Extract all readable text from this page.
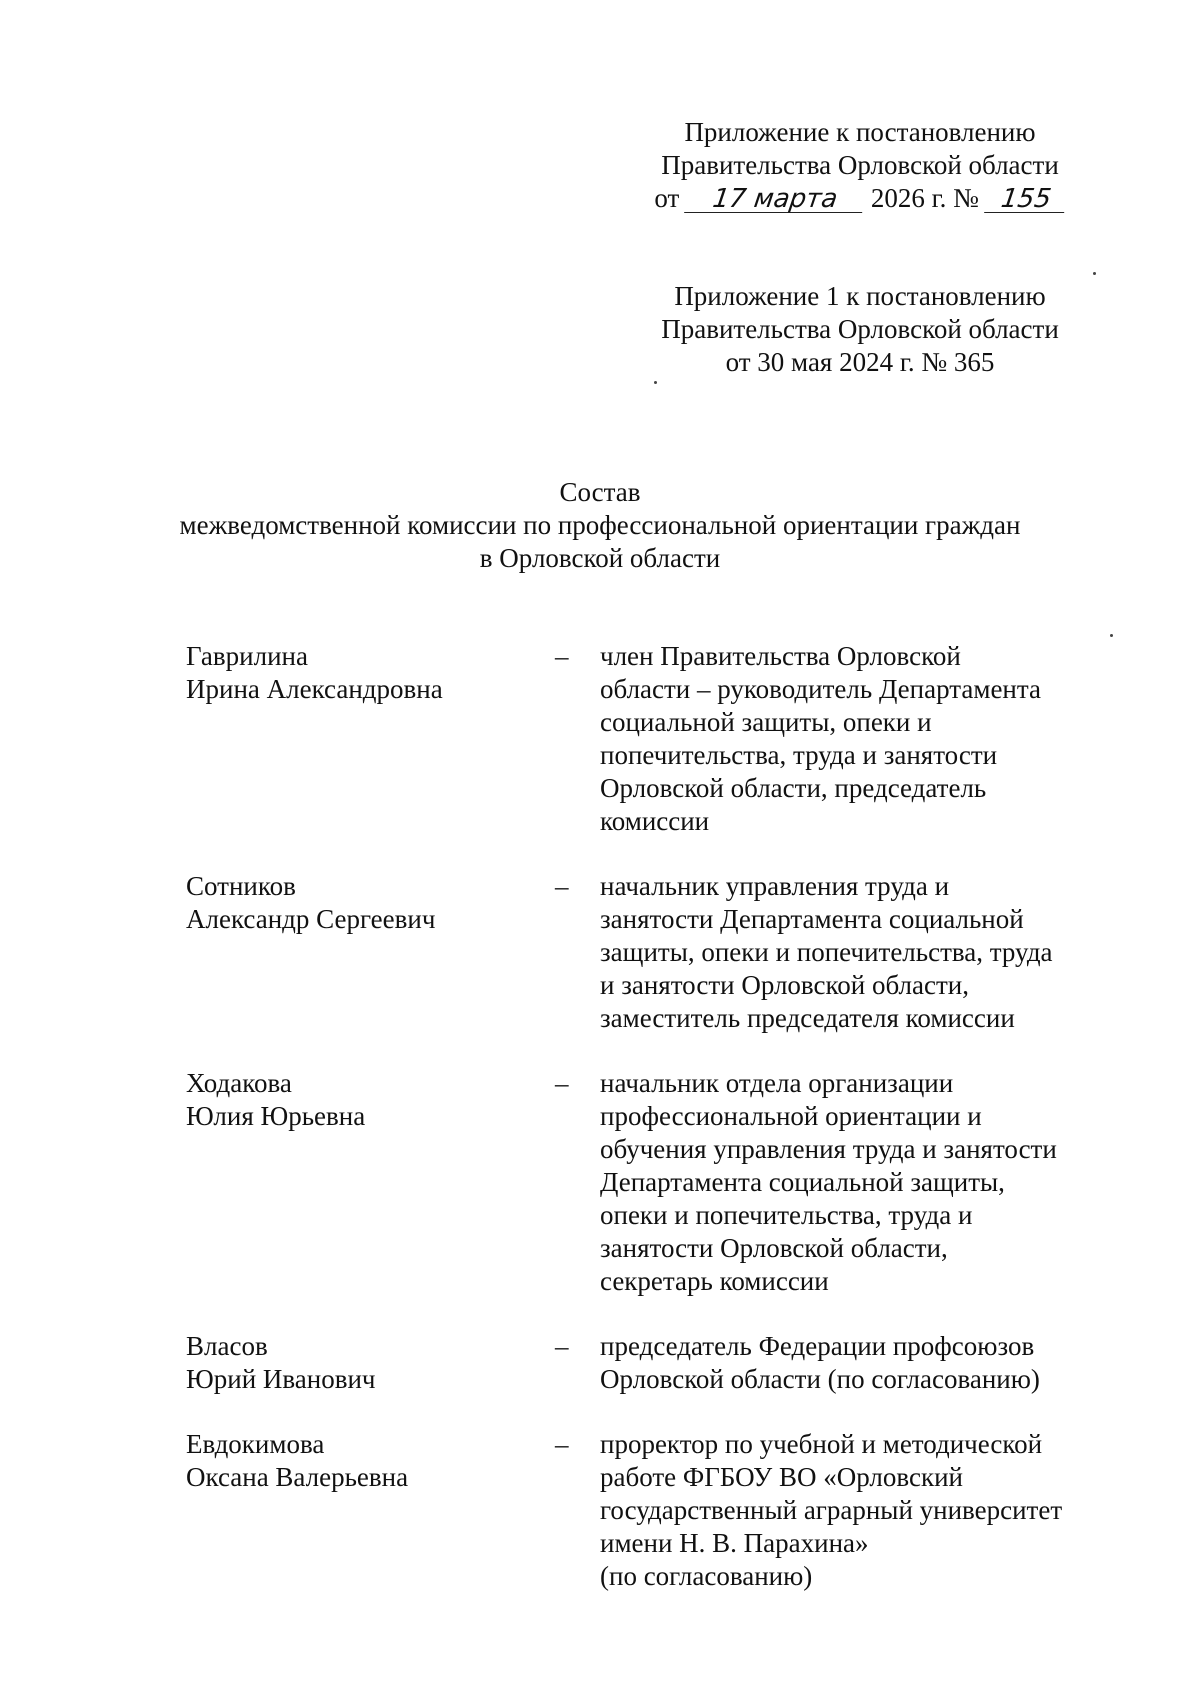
Приложение к постановлению
Правительства Орловской области
от 17 марта 2026 г. № 155
Приложение 1 к постановлению
Правительства Орловской области
от 30 мая 2024 г. № 365
Состав
межведомственной комиссии по профессиональной ориентации граждан
в Орловской области
Гаврилина
Ирина Александровна
– член Правительства Орловской
области – руководитель Департамента
социальной защиты, опеки и
попечительства, труда и занятости
Орловской области, председатель
комиссии
Сотников
Александр Сергеевич
– начальник управления труда и
занятости Департамента социальной
защиты, опеки и попечительства, труда
и занятости Орловской области,
заместитель председателя комиссии
Ходакова
Юлия Юрьевна
– начальник отдела организации
профессиональной ориентации и
обучения управления труда и занятости
Департамента социальной защиты,
опеки и попечительства, труда и
занятости Орловской области,
секретарь комиссии
Власов
Юрий Иванович
– председатель Федерации профсоюзов
Орловской области (по согласованию)
Евдокимова
Оксана Валерьевна
– проректор по учебной и методической
работе ФГБОУ ВО «Орловский
государственный аграрный университет
имени Н. В. Парахина»
(по согласованию)
